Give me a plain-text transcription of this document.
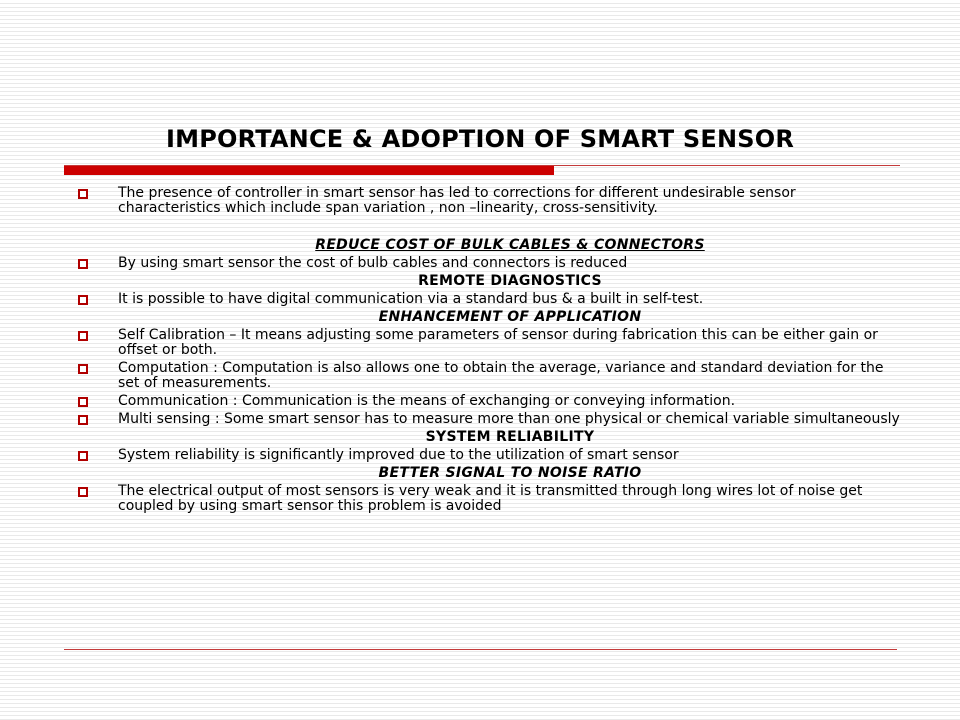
IMPORTANCE & ADOPTION OF SMART SENSOR
The presence of controller in smart sensor has led to corrections for different undesirable sensor characteristics which include span variation , non –linearity, cross-sensitivity.
REDUCE COST OF BULK CABLES & CONNECTORS
By using smart sensor the cost of bulb cables and connectors is reduced
REMOTE DIAGNOSTICS
It is possible to have digital communication via a standard bus & a built in self-test.
ENHANCEMENT OF APPLICATION
Self Calibration – It means adjusting some parameters of sensor during fabrication this can be either gain or offset or both.
Computation : Computation is also allows one to obtain the average, variance and standard deviation for the set of measurements.
Communication : Communication is the means of exchanging or conveying information.
Multi sensing : Some smart sensor has to measure more than one physical or chemical variable simultaneously
SYSTEM RELIABILITY
System reliability is significantly improved due to the utilization of smart sensor
BETTER SIGNAL TO NOISE RATIO
The electrical output of most sensors is very weak and it is transmitted through long wires lot of noise get coupled by using smart sensor this problem is avoided
